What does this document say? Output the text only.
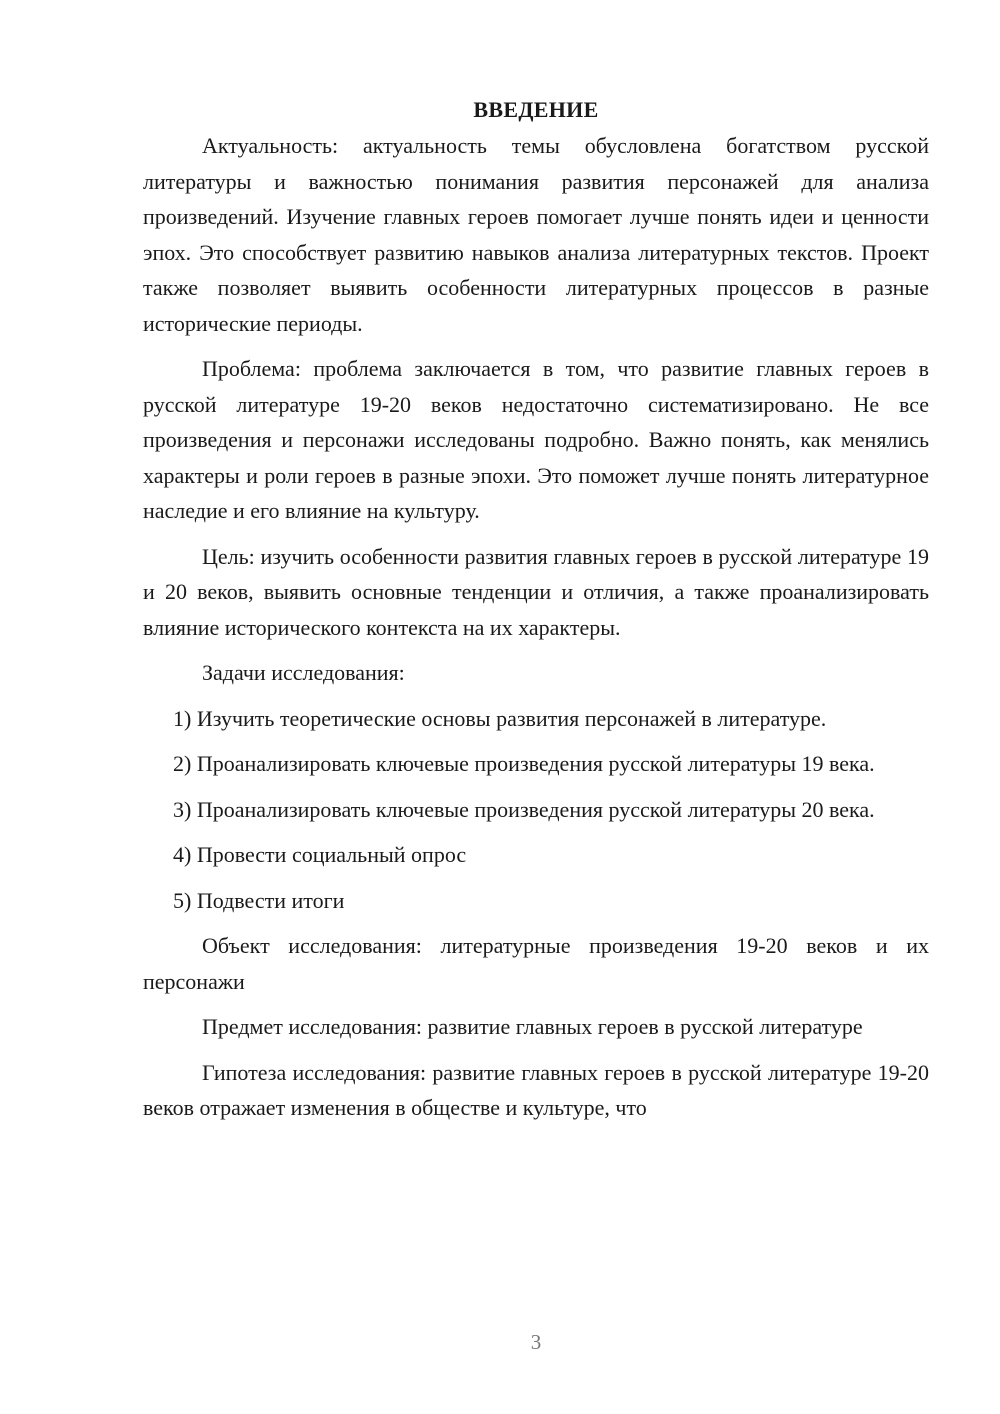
ВВЕДЕНИЕ

Актуальность: актуальность темы обусловлена богатством русской литературы и важностью понимания развития персонажей для анализа произведений. Изучение главных героев помогает лучше понять идеи и ценности эпох. Это способствует развитию навыков анализа литературных текстов. Проект также позволяет выявить особенности литературных процессов в разные исторические периоды.

Проблема: проблема заключается в том, что развитие главных героев в русской литературе 19-20 веков недостаточно систематизировано. Не все произведения и персонажи исследованы подробно. Важно понять, как менялись характеры и роли героев в разные эпохи. Это поможет лучше понять литературное наследие и его влияние на культуру.

Цель: изучить особенности развития главных героев в русской литературе 19 и 20 веков, выявить основные тенденции и отличия, а также проанализировать влияние исторического контекста на их характеры.

Задачи исследования:

1) Изучить теоретические основы развития персонажей в литературе.

2) Проанализировать ключевые произведения русской литературы 19 века.

3) Проанализировать ключевые произведения русской литературы 20 века.

4) Провести социальный опрос

5) Подвести итоги

Объект исследования: литературные произведения 19-20 веков и их персонажи

Предмет исследования: развитие главных героев в русской литературе

Гипотеза исследования: развитие главных героев в русской литературе 19-20 веков отражает изменения в обществе и культуре, что

3
